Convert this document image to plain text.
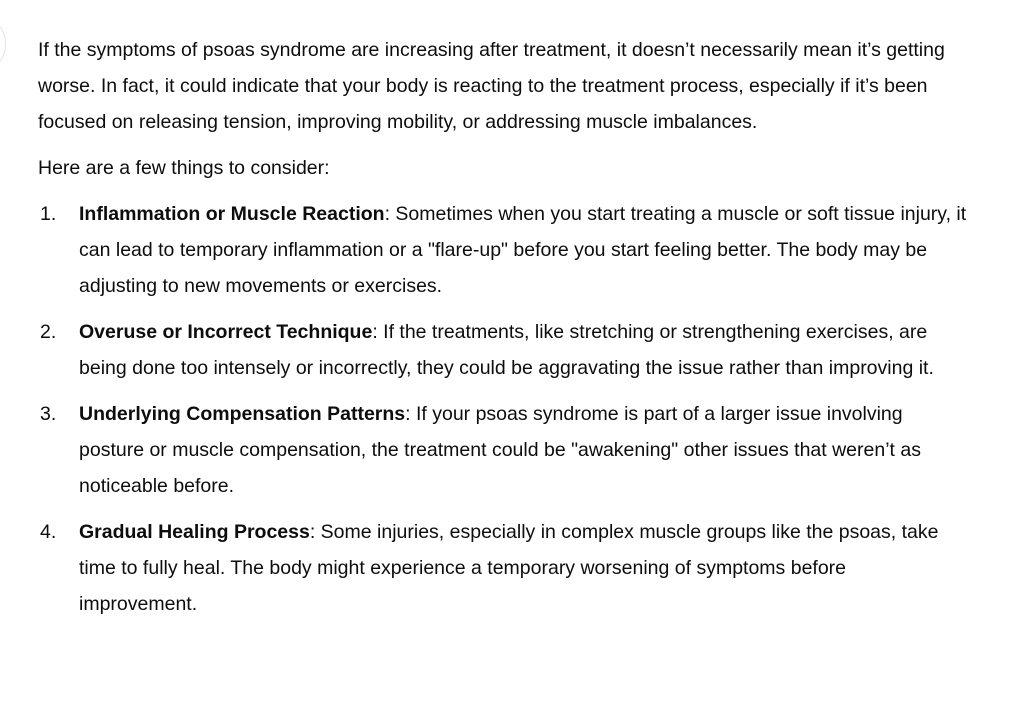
If the symptoms of psoas syndrome are increasing after treatment, it doesn’t necessarily mean it’s getting worse. In fact, it could indicate that your body is reacting to the treatment process, especially if it’s been focused on releasing tension, improving mobility, or addressing muscle imbalances.

Here are a few things to consider:

1. Inflammation or Muscle Reaction: Sometimes when you start treating a muscle or soft tissue injury, it can lead to temporary inflammation or a "flare-up" before you start feeling better. The body may be adjusting to new movements or exercises.
2. Overuse or Incorrect Technique: If the treatments, like stretching or strengthening exercises, are being done too intensely or incorrectly, they could be aggravating the issue rather than improving it.
3. Underlying Compensation Patterns: If your psoas syndrome is part of a larger issue involving posture or muscle compensation, the treatment could be "awakening" other issues that weren’t as noticeable before.
4. Gradual Healing Process: Some injuries, especially in complex muscle groups like the psoas, take time to fully heal. The body might experience a temporary worsening of symptoms before improvement.
